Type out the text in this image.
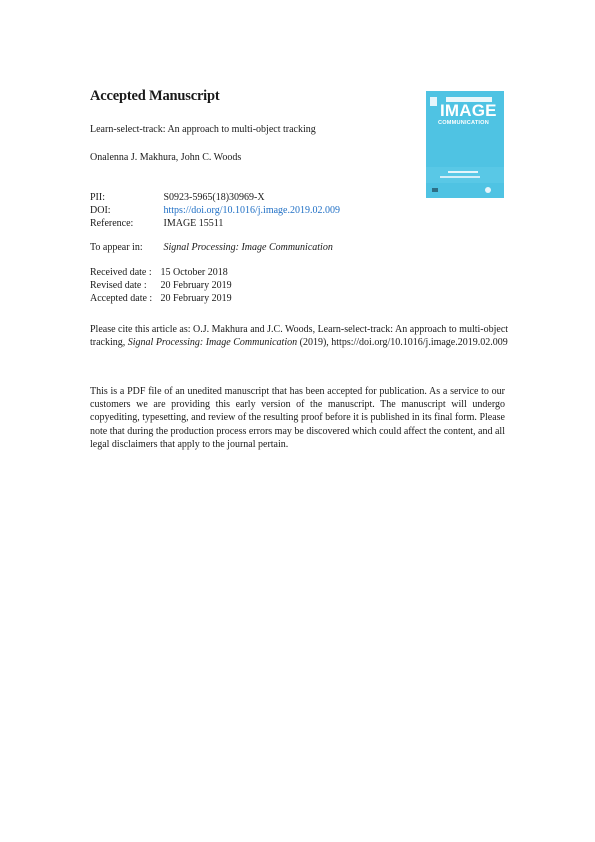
Accepted Manuscript
Learn-select-track: An approach to multi-object tracking
Onalenna J. Makhura, John C. Woods
PII:	S0923-5965(18)30969-X
DOI:	https://doi.org/10.1016/j.image.2019.02.009
Reference:	IMAGE 15511
To appear in: Signal Processing: Image Communication
Received date : 15 October 2018
Revised date : 20 February 2019
Accepted date : 20 February 2019
Please cite this article as: O.J. Makhura and J.C. Woods, Learn-select-track: An approach to multi-object tracking, Signal Processing: Image Communication (2019), https://doi.org/10.1016/j.image.2019.02.009
This is a PDF file of an unedited manuscript that has been accepted for publication. As a service to our customers we are providing this early version of the manuscript. The manuscript will undergo copyediting, typesetting, and review of the resulting proof before it is published in its final form. Please note that during the production process errors may be discovered which could affect the content, and all legal disclaimers that apply to the journal pertain.
IMAGE
COMMUNICATION
